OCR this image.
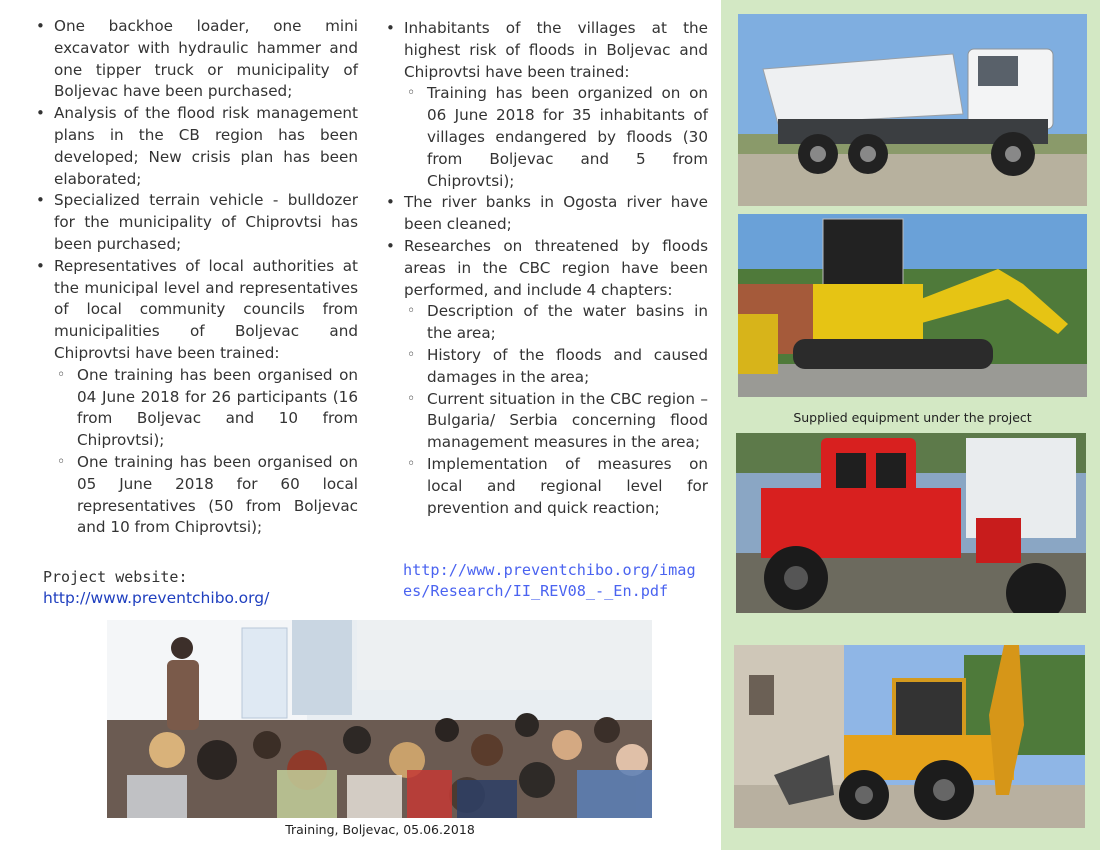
• One backhoe loader, one mini excavator with hydraulic hammer and one tipper truck or municipality of Boljevac have been purchased;
• Analysis of the flood risk management plans in the CB region has been developed; New crisis plan has been elaborated;
• Specialized terrain vehicle - bulldozer for the municipality of Chiprovtsi has been purchased;
• Representatives of local authorities at the municipal level and representatives of local community councils from municipalities of Boljevac and Chiprovtsi have been trained:
◦ One training has been organised on 04 June 2018 for 26 participants (16 from Boljevac and 10 from Chiprovtsi);
◦ One training has been organised on 05 June 2018 for 60 local representatives (50 from Boljevac and 10 from Chiprovtsi);
Project website:
http://www.preventchibo.org/
• Inhabitants of the villages at the highest risk of floods in Boljevac and Chiprovtsi have been trained:
◦ Training has been organized on on 06 June 2018 for 35 inhabitants of villages endangered by floods (30 from Boljevac and 5 from Chiprovtsi);
• The river banks in Ogosta river have been cleaned;
• Researches on threatened by floods areas in the CBC region have been performed, and include 4 chapters:
◦ Description of the water basins in the area;
◦ History of the floods and caused damages in the area;
◦ Current situation in the CBC region – Bulgaria/ Serbia concerning flood management measures in the area;
◦ Implementation of measures on local and regional level for prevention and quick reaction;
http://www.preventchibo.org/images/Research/II_REV08_-_En.pdf
Training, Boljevac, 05.06.2018
Supplied equipment under the project
